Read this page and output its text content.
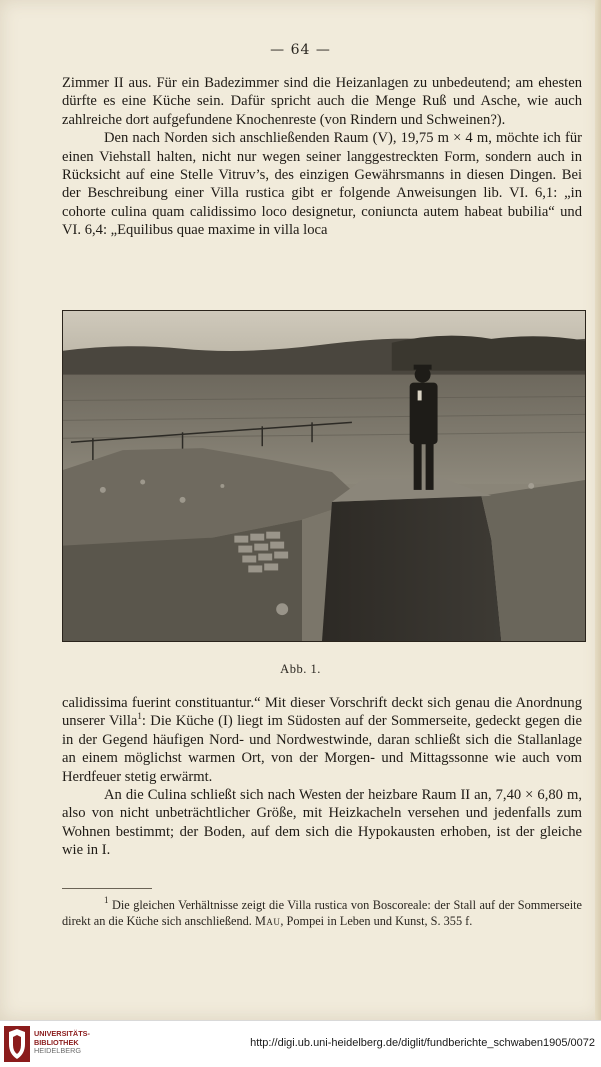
— 64 —

Zimmer II aus. Für ein Badezimmer sind die Heizanlagen zu unbedeutend; am ehesten dürfte es eine Küche sein. Dafür spricht auch die Menge Ruß und Asche, wie auch zahlreiche dort aufgefundene Knochenreste (von Rindern und Schweinen?).

Den nach Norden sich anschließenden Raum (V), 19,75 m × 4 m, möchte ich für einen Viehstall halten, nicht nur wegen seiner langgestreckten Form, sondern auch in Rücksicht auf eine Stelle Vitruv’s, des einzigen Gewährsmanns in diesen Dingen. Bei der Beschreibung einer Villa rustica gibt er folgende Anweisungen lib. VI. 6,1: „in cohorte culina quam calidissimo loco designetur, coniuncta autem habeat bubilia“ und VI. 6,4: „Equilibus quae maxime in villa loca

Abb. 1.

calidissima fuerint constituantur.“ Mit dieser Vorschrift deckt sich genau die Anordnung unserer Villa$^1$: Die Küche (I) liegt im Südosten auf der Sommerseite, gedeckt gegen die in der Gegend häufigen Nord- und Nordwestwinde, daran schließt sich die Stallanlage an einem möglichst warmen Ort, von der Morgen- und Mittagssonne wie auch vom Herdfeuer stetig erwärmt.

An die Culina schließt sich nach Westen der heizbare Raum II an, 7,40 × 6,80 m, also von nicht unbeträchtlicher Größe, mit Heizkacheln versehen und jedenfalls zum Wohnen bestimmt; der Boden, auf dem sich die Hypokausten erhoben, ist der gleiche wie in I.

$^1$ Die gleichen Verhältnisse zeigt die Villa rustica von Boscoreale: der Stall auf der Sommerseite direkt an die Küche sich anschließend. Mau, Pompei in Leben und Kunst, S. 355 f.
UNIVERSITÄTS-
BIBLIOTHEK
HEIDELBERG
http://digi.ub.uni-heidelberg.de/diglit/fundberichte_schwaben1905/0072
